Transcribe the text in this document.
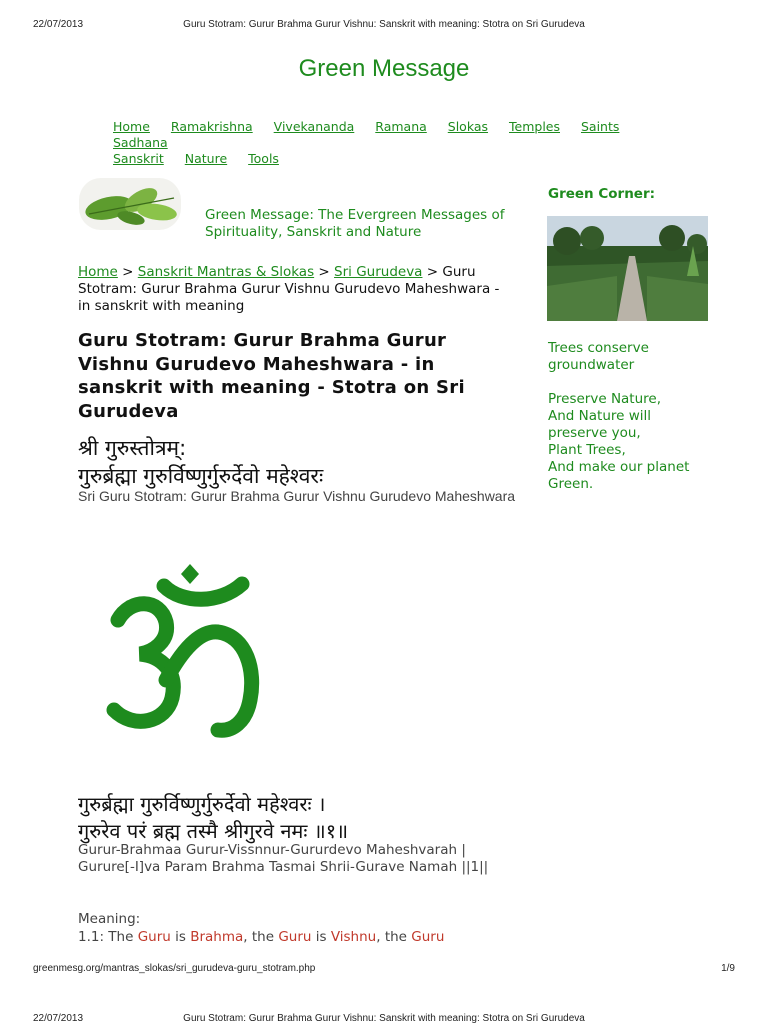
22/07/2013	Guru Stotram: Gurur Brahma Gurur Vishnu: Sanskrit with meaning: Stotra on Sri Gurudeva
Green Message
Home Ramakrishna Vivekananda Ramana Slokas Temples Saints Sadhana
Sanskrit Nature Tools
Green Message: The Evergreen Messages of Spirituality, Sanskrit and Nature
Home > Sanskrit Mantras & Slokas > Sri Gurudeva > Guru Stotram: Gurur Brahma Gurur Vishnu Gurudevo Maheshwara - in sanskrit with meaning
Guru Stotram: Gurur Brahma Gurur Vishnu Gurudevo Maheshwara - in sanskrit with meaning - Stotra on Sri Gurudeva
श्री गुरुस्तोत्रम्:
गुरुर्ब्रह्मा गुरुर्विष्णुर्गुरुर्देवो महेश्वरः
Sri Guru Stotram: Gurur Brahma Gurur Vishnu Gurudevo Maheshwara
गुरुर्ब्रह्मा गुरुर्विष्णुर्गुरुर्देवो महेश्वरः ।
गुरुरेव परं ब्रह्म तस्मै श्रीगुरवे नमः ॥१॥
Gurur-Brahmaa Gurur-Vissnnur-Gururdevo Maheshvarah | Gurure[-I]va Param Brahma Tasmai Shrii-Gurave Namah ||1||
Meaning:
1.1: The Guru is Brahma, the Guru is Vishnu, the Guru
Green Corner:

Trees conserve groundwater

Preserve Nature,
And Nature will
preserve you,
Plant Trees,
And make our planet
Green.

greenmesg.org/mantras_slokas/sri_gurudeva-guru_stotram.php	1/9
22/07/2013	Guru Stotram: Gurur Brahma Gurur Vishnu: Sanskrit with meaning: Stotra on Sri Gurudeva
